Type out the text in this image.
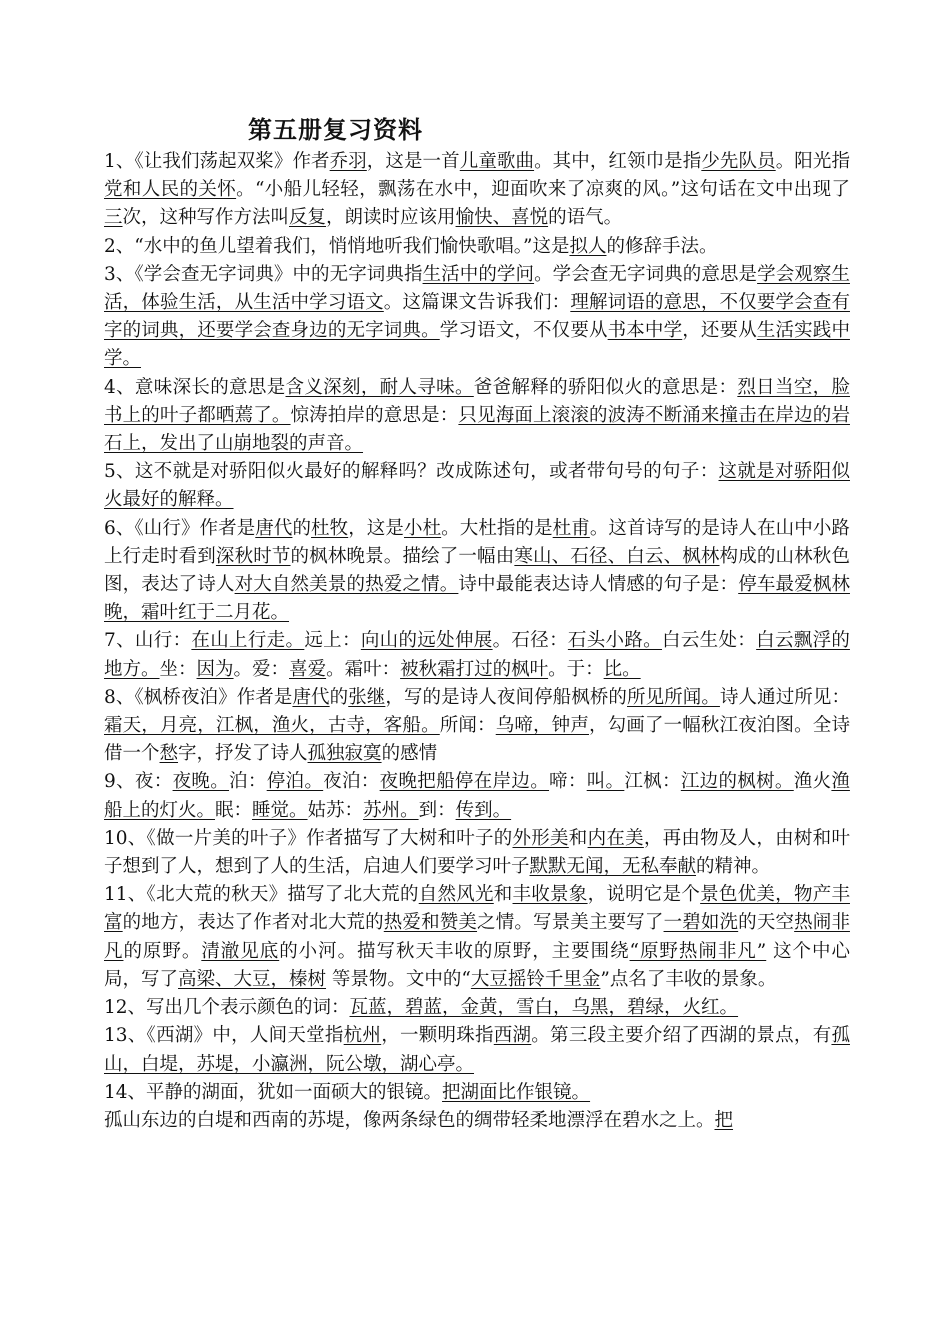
第五册复习资料

1、《让我们荡起双桨》作者乔羽，这是一首儿童歌曲。其中，红领巾是指少先队员。阳光指党和人民的关怀。“小船儿轻轻，飘荡在水中，迎面吹来了凉爽的风。”这句话在文中出现了三次，这种写作方法叫反复，朗读时应该用愉快、喜悦的语气。

2、“水中的鱼儿望着我们，悄悄地听我们愉快歌唱。”这是拟人的修辞手法。

3、《学会查无字词典》中的无字词典指生活中的学问。学会查无字词典的意思是学会观察生活，体验生活，从生活中学习语文。这篇课文告诉我们：理解词语的意思，不仅要学会查有字的词典，还要学会查身边的无字词典。学习语文，不仅要从书本中学，还要从生活实践中学。

4、意味深长的意思是含义深刻，耐人寻味。爸爸解释的骄阳似火的意思是：烈日当空，脸书上的叶子都晒蔫了。惊涛拍岸的意思是：只见海面上滚滚的波涛不断涌来撞击在岸边的岩石上，发出了山崩地裂的声音。

5、这不就是对骄阳似火最好的解释吗？改成陈述句，或者带句号的句子：这就是对骄阳似火最好的解释。

6、《山行》作者是唐代的杜牧，这是小杜。大杜指的是杜甫。这首诗写的是诗人在山中小路上行走时看到深秋时节的枫林晚景。描绘了一幅由寒山、石径、白云、枫林构成的山林秋色图，表达了诗人对大自然美景的热爱之情。诗中最能表达诗人情感的句子是：停车最爱枫林晚，霜叶红于二月花。

7、山行：在山上行走。远上：向山的远处伸展。石径：石头小路。白云生处：白云飘浮的地方。坐：因为。爱：喜爱。霜叶：被秋霜打过的枫叶。于：比。

8、《枫桥夜泊》作者是唐代的张继，写的是诗人夜间停船枫桥的所见所闻。诗人通过所见：霜天，月亮，江枫，渔火，古寺，客船。所闻：乌啼，钟声，勾画了一幅秋江夜泊图。全诗借一个愁字，抒发了诗人孤独寂寞的感情

9、夜：夜晚。泊：停泊。夜泊：夜晚把船停在岸边。啼：叫。江枫：江边的枫树。渔火渔船上的灯火。眠：睡觉。姑苏：苏州。到：传到。

10、《做一片美的叶子》作者描写了大树和叶子的外形美和内在美，再由物及人，由树和叶子想到了人，想到了人的生活，启迪人们要学习叶子默默无闻，无私奉献的精神。

11、《北大荒的秋天》描写了北大荒的自然风光和丰收景象，说明它是个景色优美，物产丰富的地方，表达了作者对北大荒的热爱和赞美之情。写景美主要写了一碧如洗的天空热闹非凡的原野。清澈见底的小河。描写秋天丰收的原野，主要围绕“原野热闹非凡” 这个中心局，写了高梁、大豆，榛树 等景物。文中的“大豆摇铃千里金”点名了丰收的景象。

12、写出几个表示颜色的词：瓦蓝，碧蓝，金黄，雪白，乌黑，碧绿，火红。

13、《西湖》中，人间天堂指杭州，一颗明珠指西湖。第三段主要介绍了西湖的景点，有孤山，白堤，苏堤，小瀛洲，阮公墩，湖心亭。

14、平静的湖面，犹如一面硕大的银镜。把湖面比作银镜。

孤山东边的白堤和西南的苏堤，像两条绿色的绸带轻柔地漂浮在碧水之上。把
